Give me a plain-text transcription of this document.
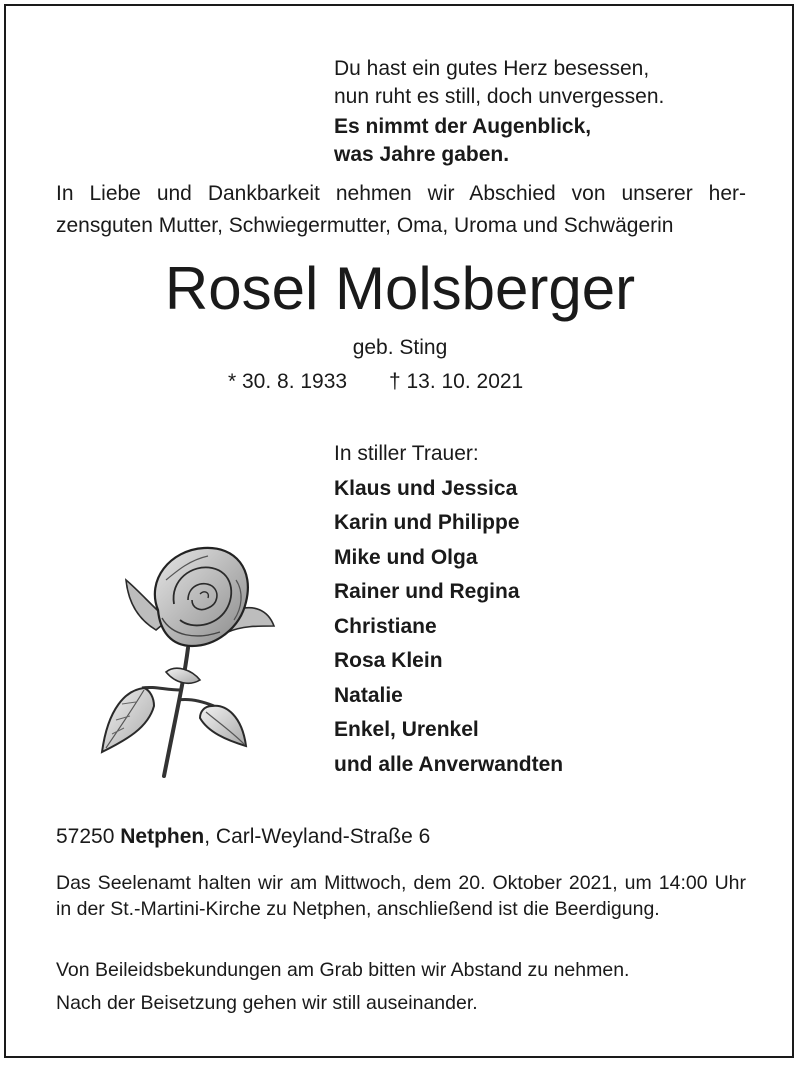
Du hast ein gutes Herz besessen,
nun ruht es still, doch unvergessen.
Es nimmt der Augenblick,
was Jahre gaben.
In Liebe und Dankbarkeit nehmen wir Abschied von unserer her-
zensguten Mutter, Schwiegermutter, Oma, Uroma und Schwägerin
Rosel Molsberger
geb. Sting
* 30. 8. 1933 † 13. 10. 2021
In stiller Trauer:
Klaus und Jessica
Karin und Philippe
Mike und Olga
Rainer und Regina
Christiane
Rosa Klein
Natalie
Enkel, Urenkel
und alle Anverwandten
57250 Netphen, Carl-Weyland-Straße 6
Das Seelenamt halten wir am Mittwoch, dem 20. Oktober 2021, um 14:00 Uhr in der St.-Martini-Kirche zu Netphen, anschließend ist die Beerdigung.
Von Beileidsbekundungen am Grab bitten wir Abstand zu nehmen.
Nach der Beisetzung gehen wir still auseinander.
